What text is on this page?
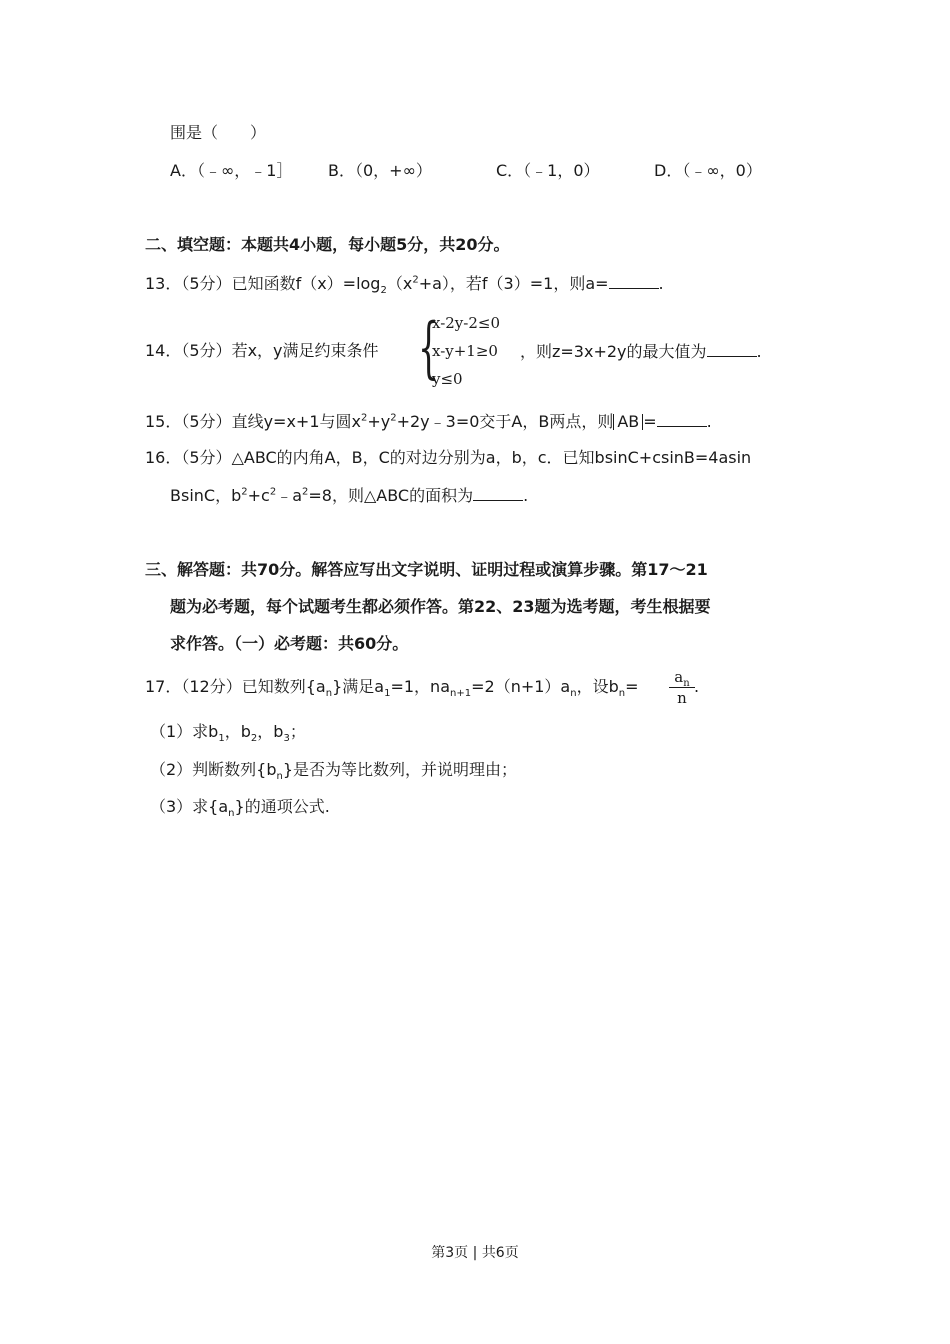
围是（　　）
A．（﹣∞，﹣1］ B．（0，+∞）	C．（﹣1，0）	D．（﹣∞，0）
二、填空题：本题共4小题，每小题5分，共20分。
13．（5分）已知函数$f(x)=\log_2(x^2+a)$，若f（3）=1，则a=	.
14．（5分）若x，y满足约束条件 {
x-2y-2≤0
x-y+1≥0
y≤0
，则z=3x+2y的最大值为	.
15．（5分）直线y=x+1与圆$x^2+y^2+2y﹣3=0$交于A，B两点，则 AB =	.
16．（5分）△ABC的内角A，B，C的对边分别为a，b，c．已知bsinC+csinB=4asin
BsinC，$b^2+c^2﹣a^2=8$，则△ABC的面积为	.
三、解答题：共70分。解答应写出文字说明、证明过程或演算步骤。第17～21
题为必考题，每个试题考生都必须作答。第22、23题为选考题，考生根据要
求作答。（一）必考题：共60分。
17．（12分）已知数列$\{a_n\}$满足$a_1=1$，$na_{n+1}=2(n+1)a_n$，设$b_n=$	$a_n$
n
.
（1）求$b_1$，$b_2$，$b_3$；
（2）判断数列$\{b_n\}$是否为等比数列，并说明理由；
（3）求$\{a_n\}$的通项公式.
第3页 | 共6页
